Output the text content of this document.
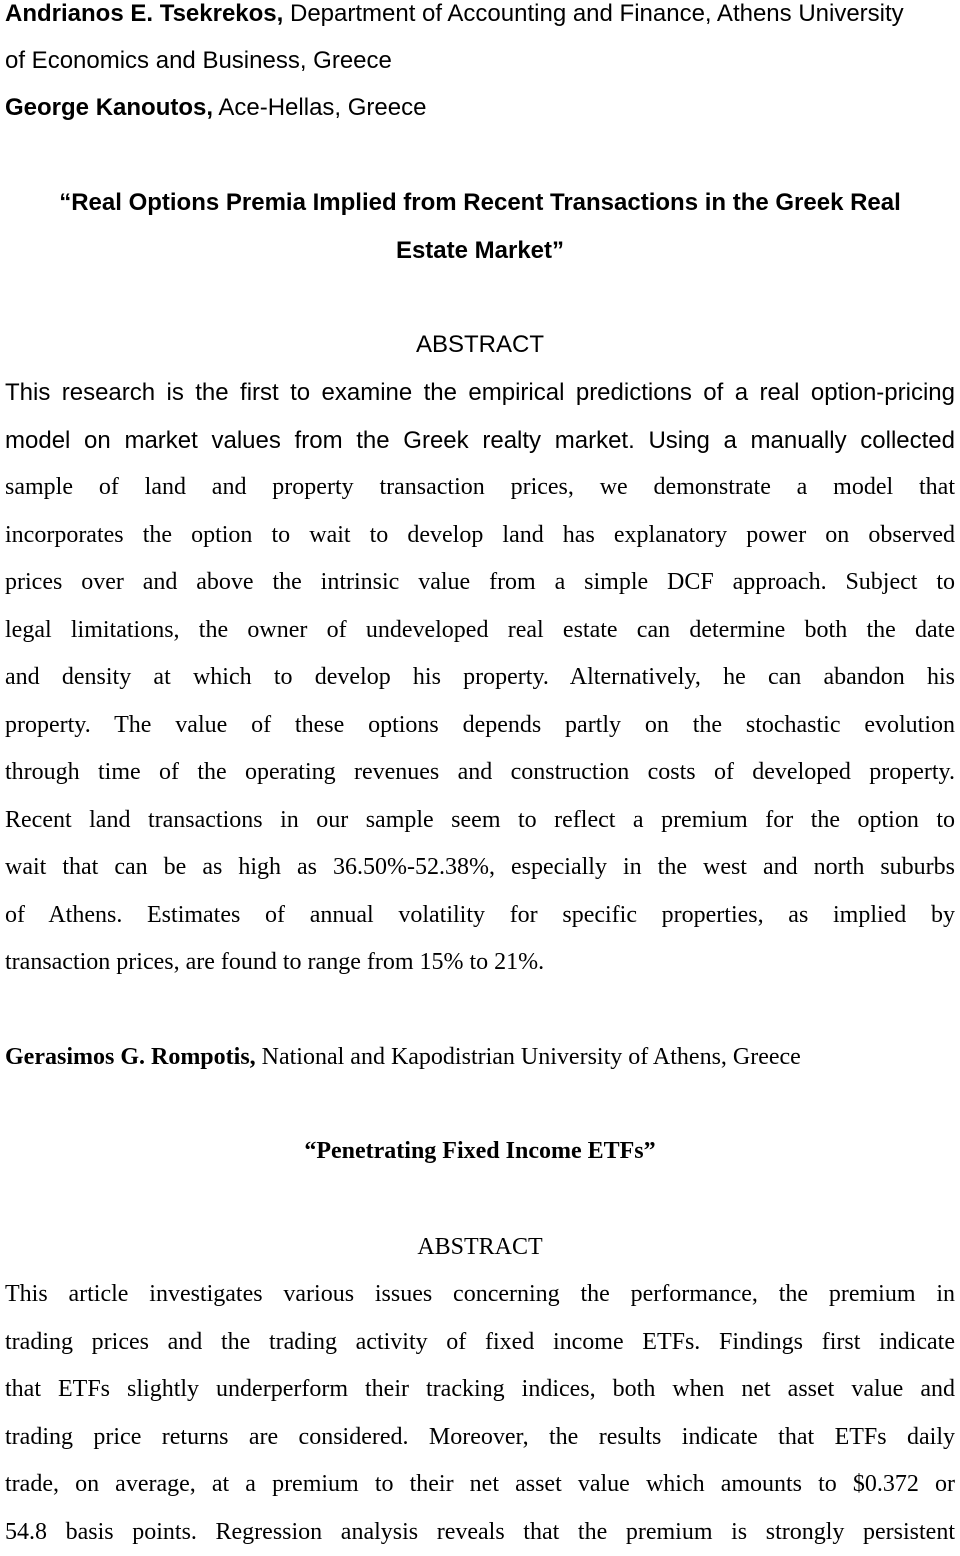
Andrianos E. Tsekrekos, Department of Accounting and Finance, Athens University
of Economics and Business, Greece
George Kanoutos, Ace-Hellas, Greece
“Real Options Premia Implied from Recent Transactions in the Greek Real
Estate Market”
ABSTRACT

This research is the first to examine the empirical predictions of a real option-pricing
model on market values from the Greek realty market. Using a manually collected
sample of land and property transaction prices, we demonstrate a model that
incorporates the option to wait to develop land has explanatory power on observed
prices over and above the intrinsic value from a simple DCF approach. Subject to
legal limitations, the owner of undeveloped real estate can determine both the date
and density at which to develop his property. Alternatively, he can abandon his
property. The value of these options depends partly on the stochastic evolution
through time of the operating revenues and construction costs of developed property.
Recent land transactions in our sample seem to reflect a premium for the option to
wait that can be as high as 36.50%-52.38%, especially in the west and north suburbs
of Athens. Estimates of annual volatility for specific properties, as implied by
transaction prices, are found to range from 15% to 21%.

Gerasimos G. Rompotis, National and Kapodistrian University of Athens, Greece
“Penetrating Fixed Income ETFs”
ABSTRACT

This article investigates various issues concerning the performance, the premium in
trading prices and the trading activity of fixed income ETFs. Findings first indicate
that ETFs slightly underperform their tracking indices, both when net asset value and
trading price returns are considered. Moreover, the results indicate that ETFs daily
trade, on average, at a premium to their net asset value which amounts to $0.372 or
54.8 basis points. Regression analysis reveals that the premium is strongly persistent
